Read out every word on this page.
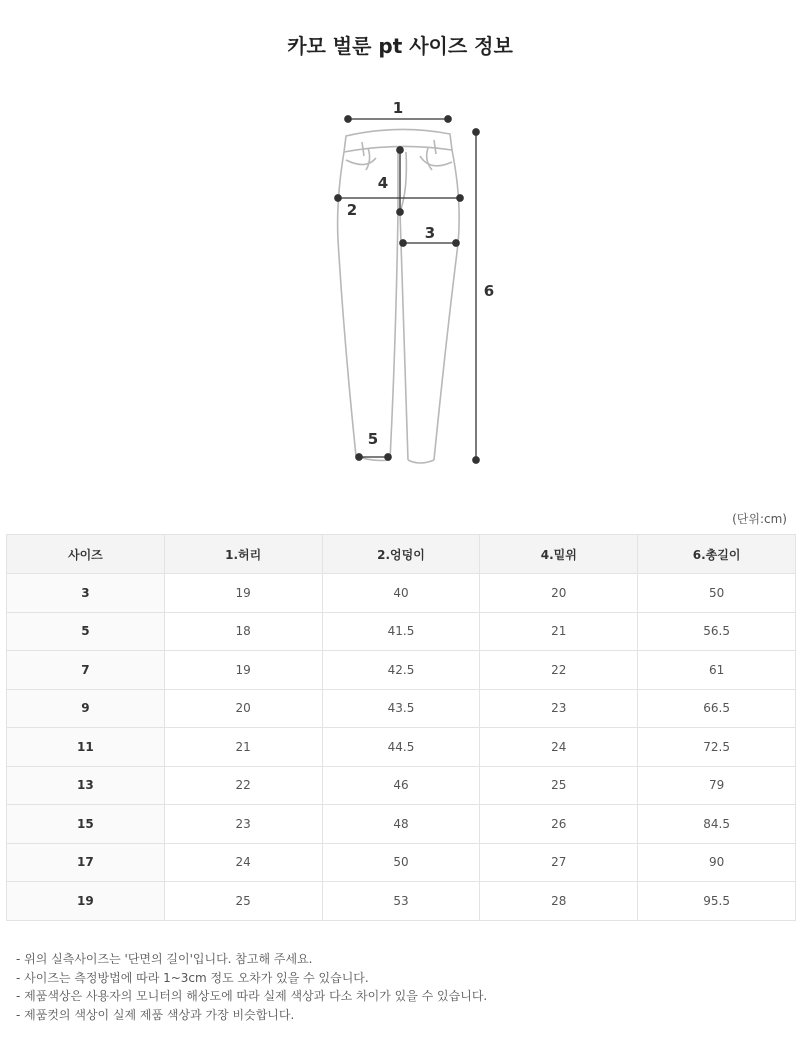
카모 벌룬 pt 사이즈 정보
1
2
3
4
5
6
(단위:cm)
사이즈	1.허리	2.엉덩이	4.밑위	6.총길이
3	19	40	20	50
5	18	41.5	21	56.5
7	19	42.5	22	61
9	20	43.5	23	66.5
11	21	44.5	24	72.5
13	22	46	25	79
15	23	48	26	84.5
17	24	50	27	90
19	25	53	28	95.5
- 위의 실측사이즈는 '단면의 길이'입니다. 참고해 주세요.
- 사이즈는 측정방법에 따라 1~3cm 정도 오차가 있을 수 있습니다.
- 제품색상은 사용자의 모니터의 해상도에 따라 실제 색상과 다소 차이가 있을 수 있습니다.
- 제품컷의 색상이 실제 제품 색상과 가장 비슷합니다.
